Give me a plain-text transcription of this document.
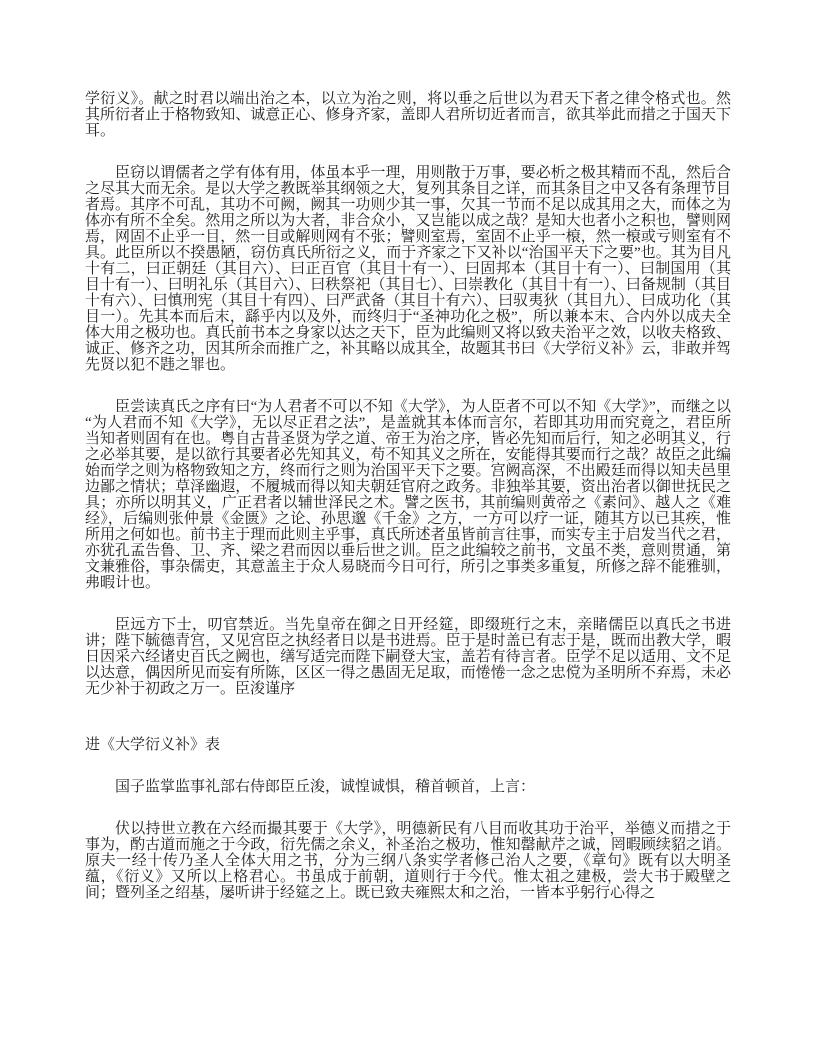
学衍义》。献之时君以端出治之本，以立为治之则，将以垂之后世以为君天下者之律令格式也。然其所衍者止于格物致知、诚意正心、修身齐家，盖即人君所切近者而言，欲其举此而措之于国天下耳。

臣窃以谓儒者之学有体有用，体虽本乎一理，用则散于万事，要必析之极其精而不乱，然后合之尽其大而无余。是以大学之教既举其纲领之大，复列其条目之详，而其条目之中又各有条理节目者焉。其序不可乱，其功不可阙，阙其一功则少其一事，欠其一节而不足以成其用之大，而体之为体亦有所不全矣。然用之所以为大者，非合众小，又岂能以成之哉？是知大也者小之积也，譬则网焉，网固不止乎一目，然一目或解则网有不张；譬则室焉，室固不止乎一榱，然一榱或亏则室有不具。此臣所以不揆愚陋，窃仿真氏所衍之义，而于齐家之下又补以“治国平天下之要”也。其为目凡十有二，曰正朝廷（其目六）、曰正百官（其目十有一）、曰固邦本（其目十有一）、曰制国用（其目十有一）、曰明礼乐（其目六）、曰秩祭祀（其目七）、曰崇教化（其目十有一）、曰备规制（其目十有六）、曰慎刑宪（其目十有四）、曰严武备（其目十有六）、曰驭夷狄（其目九）、曰成功化（其目一）。先其本而后末，繇乎内以及外，而终归于“圣神功化之极”，所以兼本末、合内外以成夫全体大用之极功也。真氏前书本之身家以达之天下，臣为此编则又将以致夫治平之效，以收夫格致、诚正、修齐之功，因其所余而推广之，补其略以成其全，故题其书曰《大学衍义补》云，非敢并驾先贤以犯不韪之罪也。

臣尝读真氏之序有曰“为人君者不可以不知《大学》，为人臣者不可以不知《大学》”，而继之以“为人君而不知《大学》，无以尽正君之法”，是盖就其本体而言尔，若即其功用而究竟之，君臣所当知者则固有在也。粤自古昔圣贤为学之道、帝王为治之序，皆必先知而后行，知之必明其义，行之必举其要，是以欲行其要者必先知其义，苟不知其义之所在，安能得其要而行之哉？故臣之此编始而学之则为格物致知之方，终而行之则为治国平天下之要。宫阙高深，不出殿廷而得以知夫邑里边鄙之情状；草泽幽遐，不履城而得以知夫朝廷官府之政务。非独举其要，资出治者以御世抚民之具；亦所以明其义，广正君者以辅世泽民之术。譬之医书，其前编则黄帝之《素问》、越人之《难经》，后编则张仲景《金匮》之论、孙思邈《千金》之方，一方可以疗一证，随其方以已其疾，惟所用之何如也。前书主于理而此则主乎事，真氏所述者虽皆前言往事，而实专主于启发当代之君，亦犹孔孟告鲁、卫、齐、梁之君而因以垂后世之训。臣之此编较之前书，文虽不类，意则贯通，第文兼雅俗，事杂儒吏，其意盖主于众人易晓而今日可行，所引之事类多重复，所修之辞不能雅驯，弗暇计也。

臣远方下士，叨官禁近。当先皇帝在御之日开经筵，即缀班行之末，亲睹儒臣以真氏之书进讲；陛下毓德青宫，又见宫臣之执经者日以是书进焉。臣于是时盖已有志于是，既而出教大学，暇日因采六经诸史百氏之阙也，缮写适完而陛下嗣登大宝，盖若有待言者。臣学不足以适用、文不足以达意，偶因所见而妄有所陈，区区一得之愚固无足取，而惓惓一念之忠傥为圣明所不弃焉，未必无少补于初政之万一。臣浚谨序

进《大学衍义补》表

国子监掌监事礼部右侍郎臣丘浚，诚惶诚惧，稽首顿首，上言：

伏以持世立教在六经而撮其要于《大学》，明德新民有八目而收其功于治平，举德义而措之于事为，酌古道而施之于今政，衍先儒之余义，补圣治之极功，惟知罄献芹之诚，罔暇顾续貂之诮。原夫一经十传乃圣人全体大用之书，分为三纲八条实学者修己治人之要，《章句》既有以大明圣蕴，《衍义》又所以上格君心。书虽成于前朝，道则行于今代。惟太祖之建极，尝大书于殿壁之间；暨列圣之绍基，屡听讲于经筵之上。既已致夫雍熙太和之治，一皆本乎躬行心得之
